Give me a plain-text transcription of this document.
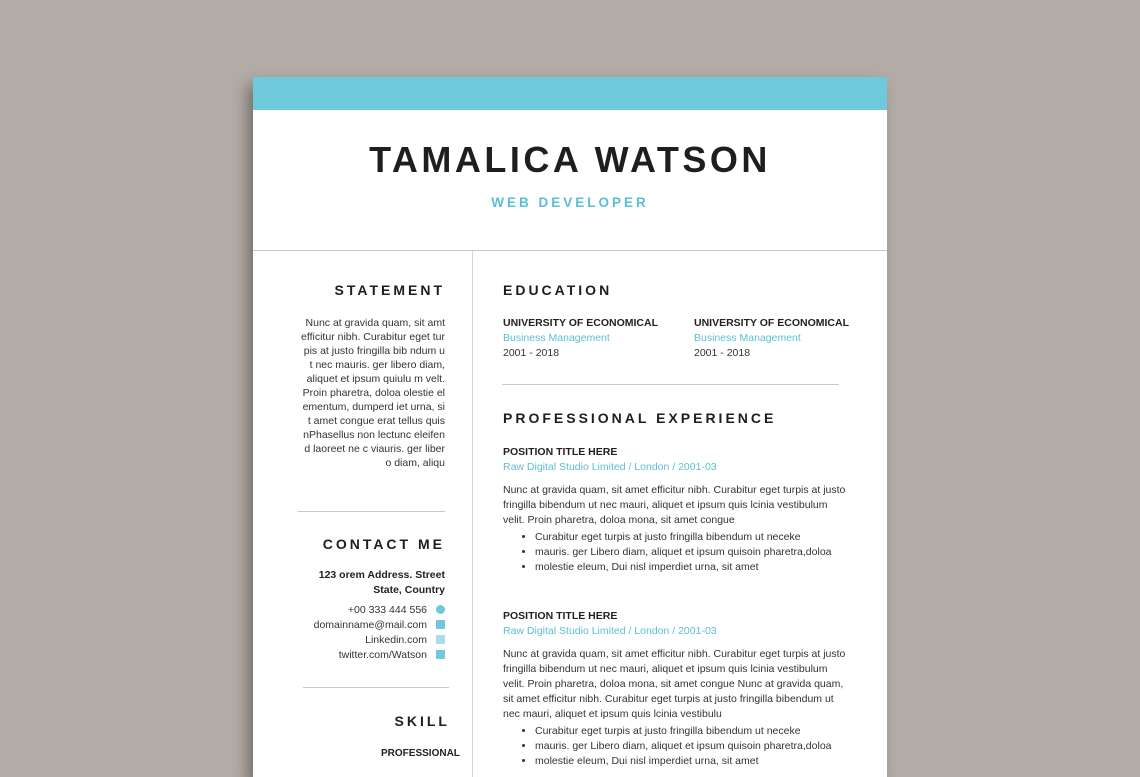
TAMALICA WATSON
WEB DEVELOPER
STATEMENT
Nunc at gravida quam, sit amt efficitur nibh. Curabitur eget turpis at justo fringilla bib ndum ut nec mauris. ger libero diam, aliquet et ipsum quiulu m velt. Proin pharetra, doloa olestie elementum, dumperd iet urna, sit amet congue erat tellus quis nPhasellus non lectunc eleifend laoreet ne c viauris. ger libero diam, aliqu
CONTACT ME
123 orem Address. Street
State, Country
+00 333 444 556
domainname@mail.com
Linkedin.com
twitter.com/Watson
SKILL
PROFESSIONAL
EDUCATION
UNIVERSITY OF ECONOMICAL
Business Management
2001 - 2018
UNIVERSITY OF ECONOMICAL
Business Management
2001 - 2018
PROFESSIONAL EXPERIENCE
POSITION TITLE HERE
Raw Digital Studio Limited / London / 2001-03
Nunc at gravida quam, sit amet efficitur nibh. Curabitur eget turpis at justo fringilla bibendum ut nec mauri, aliquet et ipsum quis lcinia vestibulum velit. Proin pharetra, doloa mona, sit amet congue
• Curabitur eget turpis at justo fringilla bibendum ut neceke
• mauris. ger Libero diam, aliquet et ipsum quisoin pharetra,doloa
• molestie eleum, Dui nisl imperdiet urna, sit amet
POSITION TITLE HERE
Raw Digital Studio Limited / London / 2001-03
Nunc at gravida quam, sit amet efficitur nibh. Curabitur eget turpis at justo fringilla bibendum ut nec mauri, aliquet et ipsum quis lcinia vestibulum velit. Proin pharetra, doloa mona, sit amet congue Nunc at gravida quam, sit amet efficitur nibh. Curabitur eget turpis at justo fringilla bibendum ut nec mauri, aliquet et ipsum quis lcinia vestibulu
• Curabitur eget turpis at justo fringilla bibendum ut neceke
• mauris. ger Libero diam, aliquet et ipsum quisoin pharetra,doloa
• molestie eleum, Dui nisl imperdiet urna, sit amet
